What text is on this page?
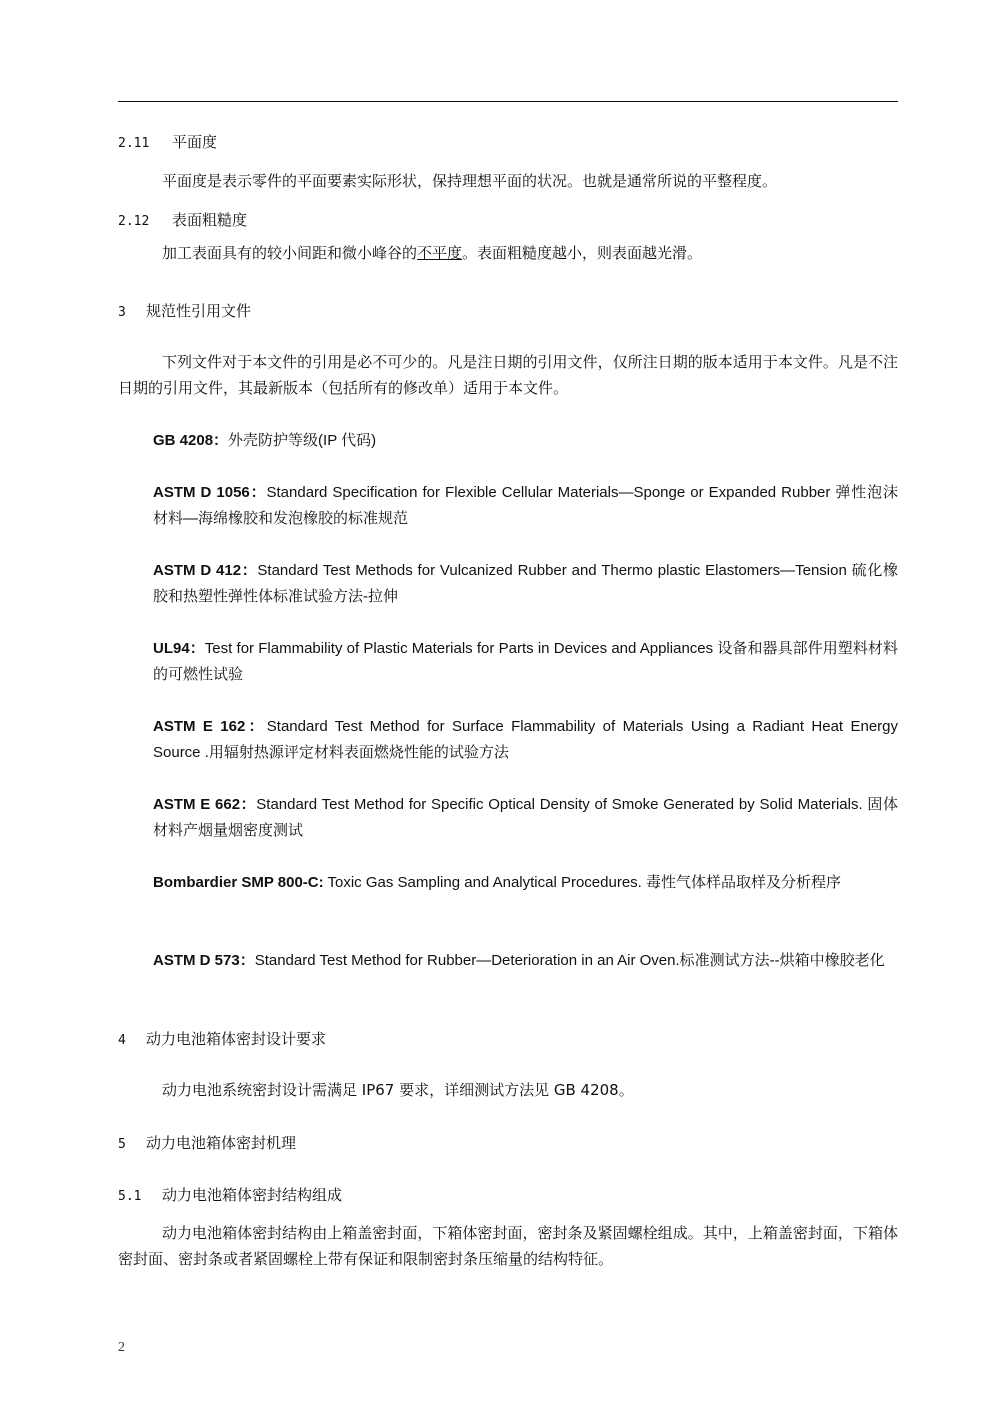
2.11 平面度
平面度是表示零件的平面要素实际形状，保持理想平面的状况。也就是通常所说的平整程度。
2.12 表面粗糙度
加工表面具有的较小间距和微小峰谷的不平度。表面粗糙度越小，则表面越光滑。
3 规范性引用文件
下列文件对于本文件的引用是必不可少的。凡是注日期的引用文件，仅所注日期的版本适用于本文件。凡是不注日期的引用文件，其最新版本（包括所有的修改单）适用于本文件。
GB 4208：外壳防护等级(IP 代码)
ASTM D 1056：Standard Specification for Flexible Cellular Materials—Sponge or Expanded Rubber 弹性泡沫材料—海绵橡胶和发泡橡胶的标准规范
ASTM D 412：Standard Test Methods for Vulcanized Rubber and Thermo plastic Elastomers—Tension 硫化橡胶和热塑性弹性体标准试验方法-拉伸
UL94：Test for Flammability of Plastic Materials for Parts in Devices and Appliances 设备和器具部件用塑料材料的可燃性试验
ASTM E 162：Standard Test Method for Surface Flammability of Materials Using a Radiant Heat Energy Source .用辐射热源评定材料表面燃烧性能的试验方法
ASTM E 662：Standard Test Method for Specific Optical Density of Smoke Generated by Solid Materials. 固体材料产烟量烟密度测试
Bombardier SMP 800-C: Toxic Gas Sampling and Analytical Procedures. 毒性气体样品取样及分析程序
ASTM D 573：Standard Test Method for Rubber—Deterioration in an Air Oven.标准测试方法--烘箱中橡胶老化
4 动力电池箱体密封设计要求
动力电池系统密封设计需满足 IP67 要求，详细测试方法见 GB 4208。
5 动力电池箱体密封机理
5.1 动力电池箱体密封结构组成
动力电池箱体密封结构由上箱盖密封面，下箱体密封面，密封条及紧固螺栓组成。其中，上箱盖密封面，下箱体密封面、密封条或者紧固螺栓上带有保证和限制密封条压缩量的结构特征。
2
